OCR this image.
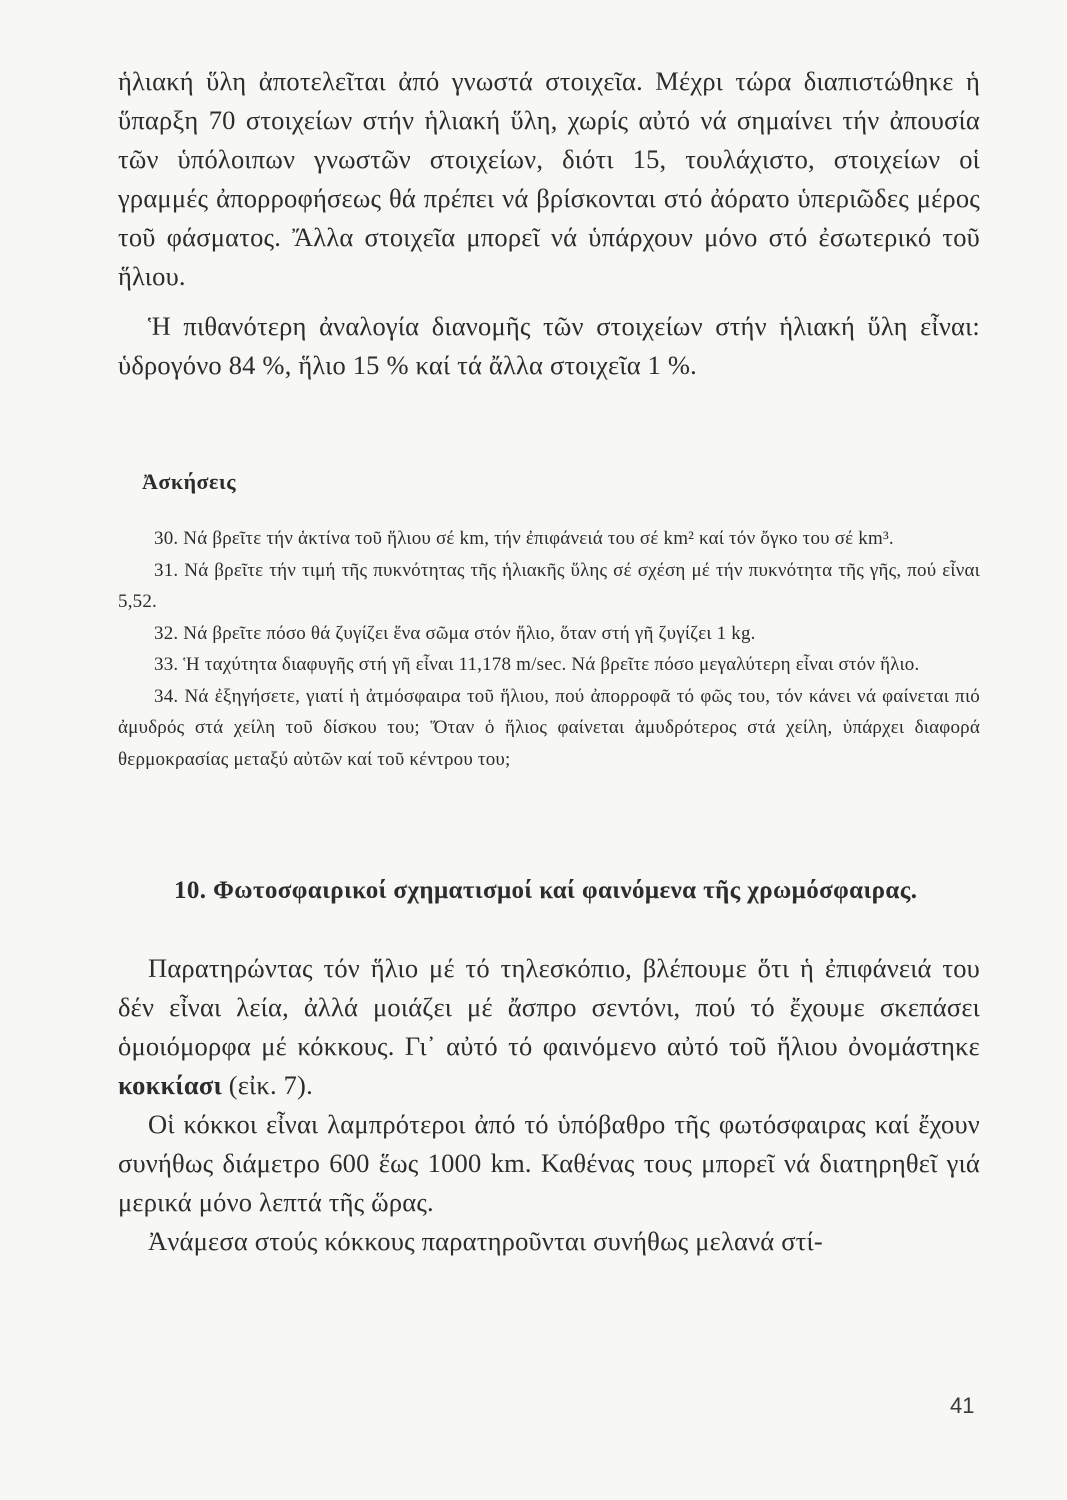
ἡλιακή ὕλη ἀποτελεῖται ἀπό γνωστά στοιχεῖα. Μέχρι τώρα διαπιστώθηκε ἡ ὕπαρξη 70 στοιχείων στήν ἡλιακή ὕλη, χωρίς αὐτό νά σημαίνει τήν ἀπουσία τῶν ὑπόλοιπων γνωστῶν στοιχείων, διότι 15, τουλάχιστο, στοιχείων οἱ γραμμές ἀπορροφήσεως θά πρέπει νά βρίσκονται στό ἀόρατο ὑπεριῶδες μέρος τοῦ φάσματος. Ἄλλα στοιχεῖα μπορεῖ νά ὑπάρχουν μόνο στό ἐσωτερικό τοῦ ἥλιου.

Ἡ πιθανότερη ἀναλογία διανομῆς τῶν στοιχείων στήν ἡλιακή ὕλη εἶναι: ὑδρογόνο 84 %, ἥλιο 15 % καί τά ἄλλα στοιχεῖα 1 %.

Ἀσκήσεις

30. Νά βρεῖτε τήν ἀκτίνα τοῦ ἥλιου σέ km, τήν ἐπιφάνειά του σέ km² καί τόν ὄγκο του σέ km³.

31. Νά βρεῖτε τήν τιμή τῆς πυκνότητας τῆς ἡλιακῆς ὕλης σέ σχέση μέ τήν πυκνότητα τῆς γῆς, πού εἶναι 5,52.

32. Νά βρεῖτε πόσο θά ζυγίζει ἕνα σῶμα στόν ἥλιο, ὅταν στή γῆ ζυγίζει 1 kg.

33. Ἡ ταχύτητα διαφυγῆς στή γῆ εἶναι 11,178 m/sec. Νά βρεῖτε πόσο μεγαλύτερη εἶναι στόν ἥλιο.

34. Νά ἐξηγήσετε, γιατί ἡ ἀτμόσφαιρα τοῦ ἥλιου, πού ἀπορροφᾶ τό φῶς του, τόν κάνει νά φαίνεται πιό ἀμυδρός στά χείλη τοῦ δίσκου του; Ὅταν ὁ ἥλιος φαίνεται ἀμυδρότερος στά χείλη, ὑπάρχει διαφορά θερμοκρασίας μεταξύ αὐτῶν καί τοῦ κέντρου του;

10. Φωτοσφαιρικοί σχηματισμοί καί φαινόμενα τῆς χρωμόσφαιρας.

Παρατηρώντας τόν ἥλιο μέ τό τηλεσκόπιο, βλέπουμε ὅτι ἡ ἐπιφάνειά του δέν εἶναι λεία, ἀλλά μοιάζει μέ ἄσπρο σεντόνι, πού τό ἔχουμε σκεπάσει ὁμοιόμορφα μέ κόκκους. Γι᾽ αὐτό τό φαινόμενο αὐτό τοῦ ἥλιου ὀνομάστηκε κοκκίασι (εἰκ. 7).

Οἱ κόκκοι εἶναι λαμπρότεροι ἀπό τό ὑπόβαθρο τῆς φωτόσφαιρας καί ἔχουν συνήθως διάμετρο 600 ἕως 1000 km. Καθένας τους μπορεῖ νά διατηρηθεῖ γιά μερικά μόνο λεπτά τῆς ὥρας.

Ἀνάμεσα στούς κόκκους παρατηροῦνται συνήθως μελανά στί-

41
